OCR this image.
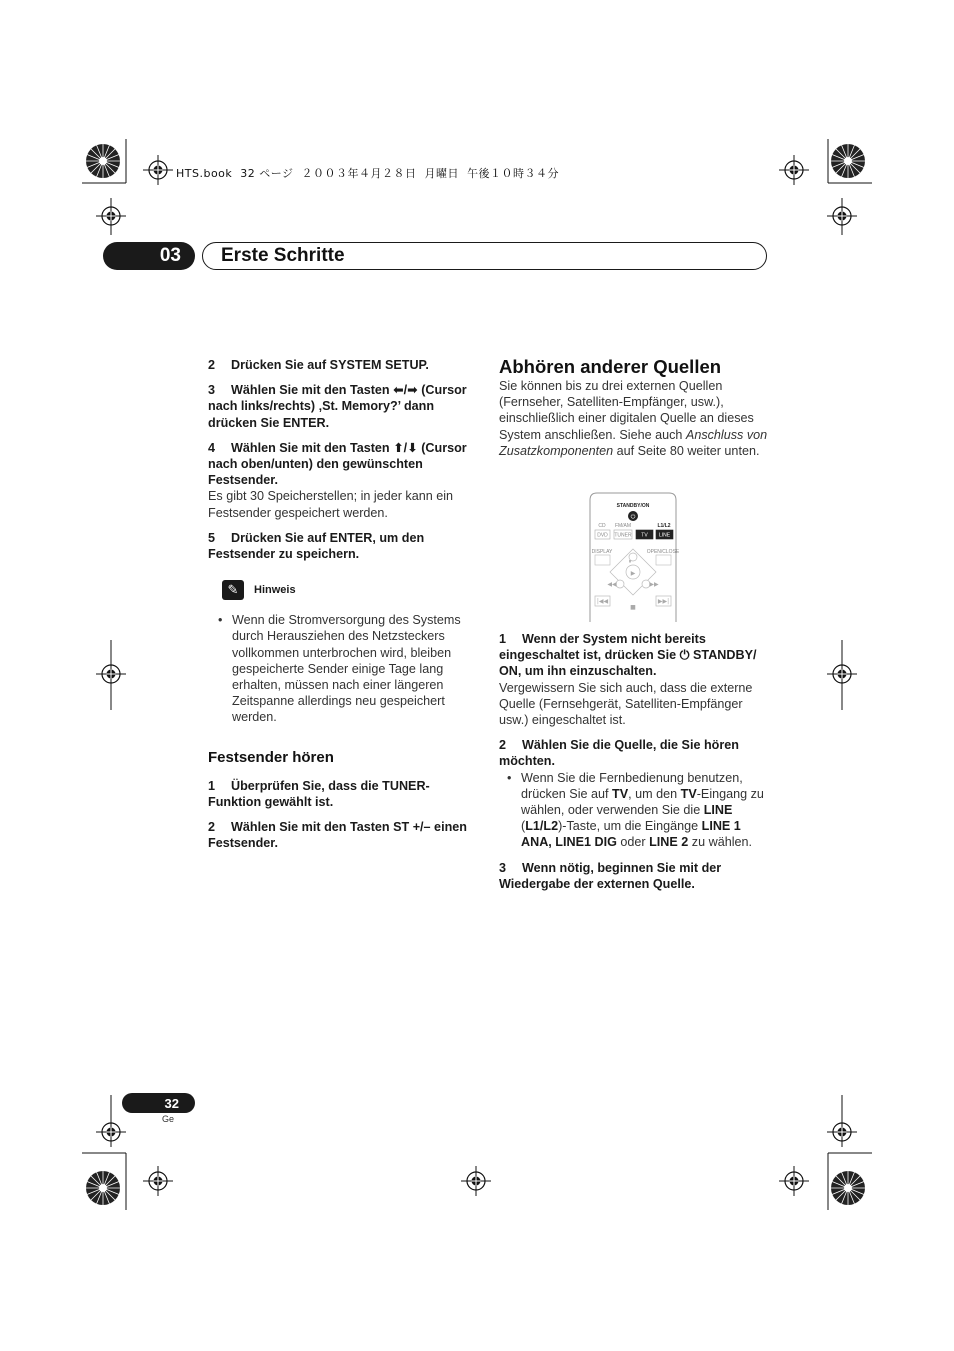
HTS.book  32 ページ  ２００３年４月２８日  月曜日  午後１０時３４分
03	Erste Schritte

2 Drücken Sie auf SYSTEM SETUP.

3 Wählen Sie mit den Tasten ⬅/➡ (Cursor nach links/rechts) ‚St. Memory?’ dann drücken Sie ENTER.

4 Wählen Sie mit den Tasten ⬆/⬇ (Cursor nach oben/unten) den gewünschten Festsender.

Es gibt 30 Speicherstellen; in jeder kann ein Festsender gespeichert werden.

5 Drücken Sie auf ENTER, um den Festsender zu speichern.

✎	Hinweis
• Wenn die Stromversorgung des Systems durch Herausziehen des Netzsteckers vollkommen unterbrochen wird, bleiben gespeicherte Sender einige Tage lang erhalten, müssen nach einer längeren Zeitspanne allerdings neu gespeichert werden.

Festsender hören

1 Überprüfen Sie, dass die TUNER-Funktion gewählt ist.

2 Wählen Sie mit den Tasten ST +/– einen Festsender.

Abhören anderer Quellen

Sie können bis zu drei externen Quellen (Fernseher, Satelliten-Empfänger, usw.), einschließlich einer digitalen Quelle an dieses System anschließen. Siehe auch Anschluss von Zusatzkomponenten auf Seite 80 weiter unten.

STANDBY/ON
⏻
CD FM/AM	L1/L2
DVD TUNER TV LINE
DISPLAY	OPEN/CLOSE
▶
⏸
◀◀	▶▶
|◀◀	▶▶|
■

1 Wenn der System nicht bereits eingeschaltet ist, drücken Sie ⏻ STANDBY/ ON, um ihn einzuschalten.

Vergewissern Sie sich auch, dass die externe Quelle (Fernsehgerät, Satelliten-Empfänger usw.) eingeschaltet ist.

2 Wählen Sie die Quelle, die Sie hören möchten.

• Wenn Sie die Fernbedienung benutzen, drücken Sie auf TV, um den TV-Eingang zu wählen, oder verwenden Sie die LINE (L1/L2)-Taste, um die Eingänge LINE 1 ANA, LINE1 DIG oder LINE 2 zu wählen.

3 Wenn nötig, beginnen Sie mit der Wiedergabe der externen Quelle.

32
Ge
